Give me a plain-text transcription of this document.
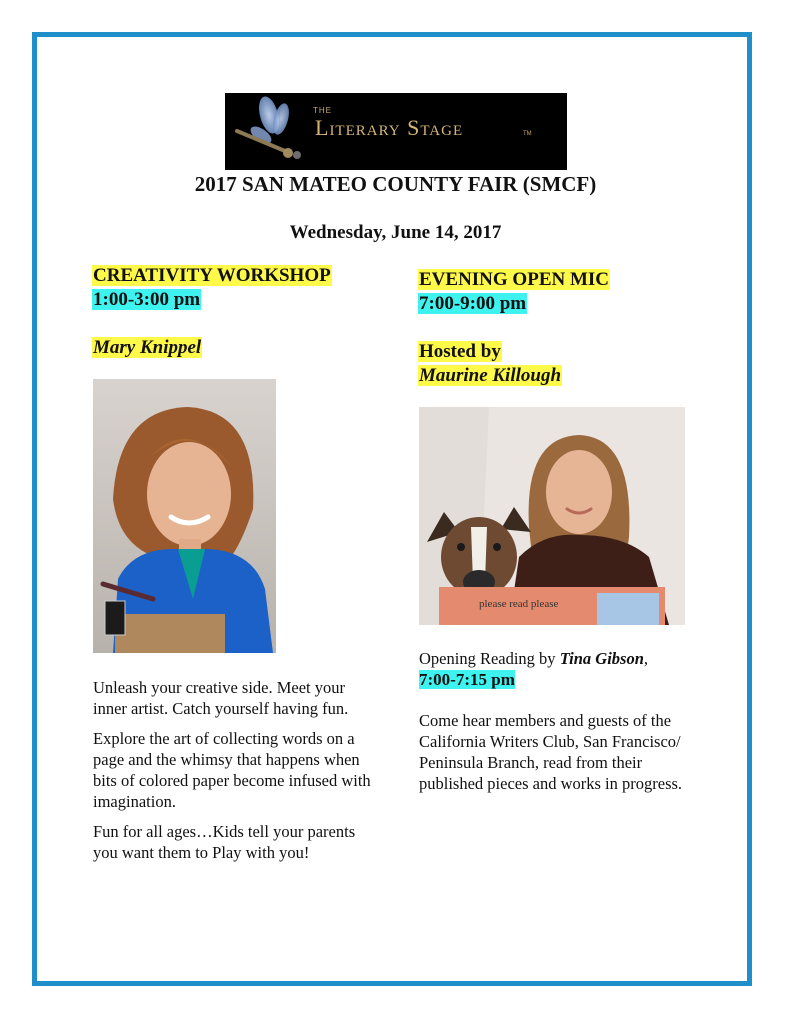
THE
Literary Stage	TM
2017 SAN MATEO COUNTY FAIR (SMCF)
Wednesday, June 14, 2017
CREATIVITY WORKSHOP
1:00-3:00 pm
Mary Knippel

Unleash your creative side. Meet your inner artist. Catch yourself having fun.

Explore the art of collecting words on a page and the whimsy that happens when bits of colored paper become infused with imagination.

Fun for all ages…Kids tell your parents you want them to Play with you!

EVENING OPEN MIC
7:00-9:00 pm
Hosted by
Maurine Killough
please read please
Opening Reading by Tina Gibson,
7:00-7:15 pm

Come hear members and guests of the California Writers Club, San Francisco/ Peninsula Branch, read from their published pieces and works in progress.
